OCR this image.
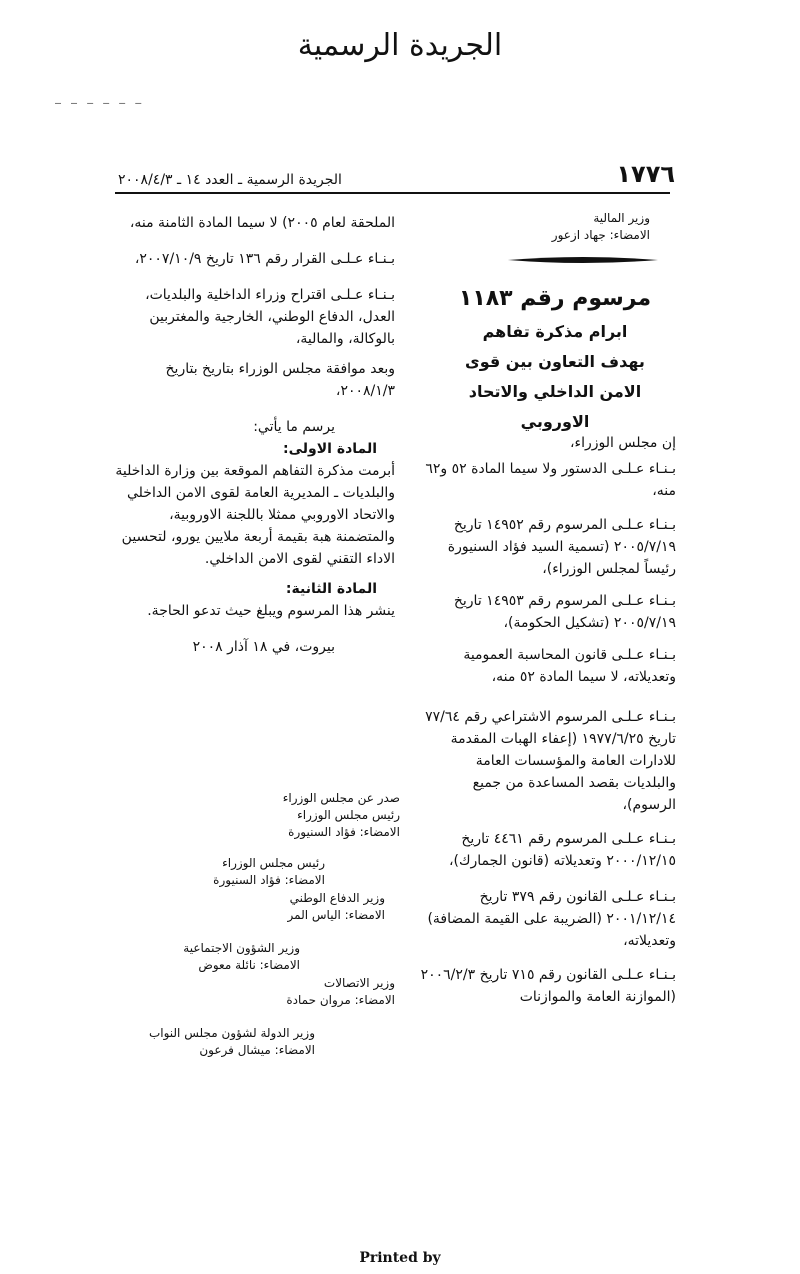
الجريدة الرسمية
— — — — — —
١٧٧٦
الجريدة الرسمية ـ العدد ١٤ ـ ٢٠٠٨/٤/٣
وزير المالية
الامضاء: جهاد ازعور
مرسوم رقم ١١٨٣
ابرام مذكرة تفاهم
بهدف التعاون بين قوى
الامن الداخلي والاتحاد الاوروبي

إن مجلس الوزراء،

بـنـاء عـلـى الدستور ولا سيما المادة ٥٢ و٦٢ منه،

بـنـاء عـلـى المرسوم رقم ١٤٩٥٢ تاريخ ٢٠٠٥/٧/١٩ (تسمية السيد فؤاد السنيورة رئيساً لمجلس الوزراء)،

بـنـاء عـلـى المرسوم رقم ١٤٩٥٣ تاريخ ٢٠٠٥/٧/١٩ (تشكيل الحكومة)،

بـنـاء عـلـى قانون المحاسبة العمومية وتعديلاته، لا سيما المادة ٥٢ منه،

بـنـاء عـلـى المرسوم الاشتراعي رقم ٧٧/٦٤ تاريخ ١٩٧٧/٦/٢٥ (إعفاء الهبات المقدمة للادارات العامة والمؤسسات العامة والبلديات بقصد المساعدة من جميع الرسوم)،

بـنـاء عـلـى المرسوم رقم ٤٤٦١ تاريخ ٢٠٠٠/١٢/١٥ وتعديلاته (قانون الجمارك)،

بـنـاء عـلـى القانون رقم ٣٧٩ تاريخ ٢٠٠١/١٢/١٤ (الضريبة على القيمة المضافة) وتعديلاته،

بـنـاء عـلـى القانون رقم ٧١٥ تاريخ ٢٠٠٦/٢/٣ (الموازنة العامة والموازنات

الملحقة لعام ٢٠٠٥) لا سيما المادة الثامنة منه،

بـنـاء عـلـى القرار رقم ١٣٦ تاريخ ٢٠٠٧/١٠/٩،

بـنـاء عـلـى اقتراح وزراء الداخلية والبلديات، العدل، الدفاع الوطني، الخارجية والمغتربين بالوكالة، والمالية،

وبعد موافقة مجلس الوزراء بتاريخ بتاريخ ٢٠٠٨/١/٣،

يرسم ما يأتي:

المادة الاولى:

أبرمت مذكرة التفاهم الموقعة بين وزارة الداخلية والبلديات ـ المديرية العامة لقوى الامن الداخلي والاتحاد الاوروبي ممثلا باللجنة الاوروبية، والمتضمنة هبة بقيمة أربعة ملايين يورو، لتحسين الاداء التقني لقوى الامن الداخلي.

المادة الثانية:

ينشر هذا المرسوم ويبلغ حيث تدعو الحاجة.

بيروت، في ١٨ آذار ٢٠٠٨

صدر عن مجلس الوزراء
رئيس مجلس الوزراء
الامضاء: فؤاد السنيورة
رئيس مجلس الوزراء
الامضاء: فؤاد السنيورة
وزير الدفاع الوطني
الامضاء: الياس المر
وزير الشؤون الاجتماعية
الامضاء: نائلة معوض
وزير الاتصالات
الامضاء: مروان حمادة
وزير الدولة لشؤون مجلس النواب
الامضاء: ميشال فرعون
Printed by
